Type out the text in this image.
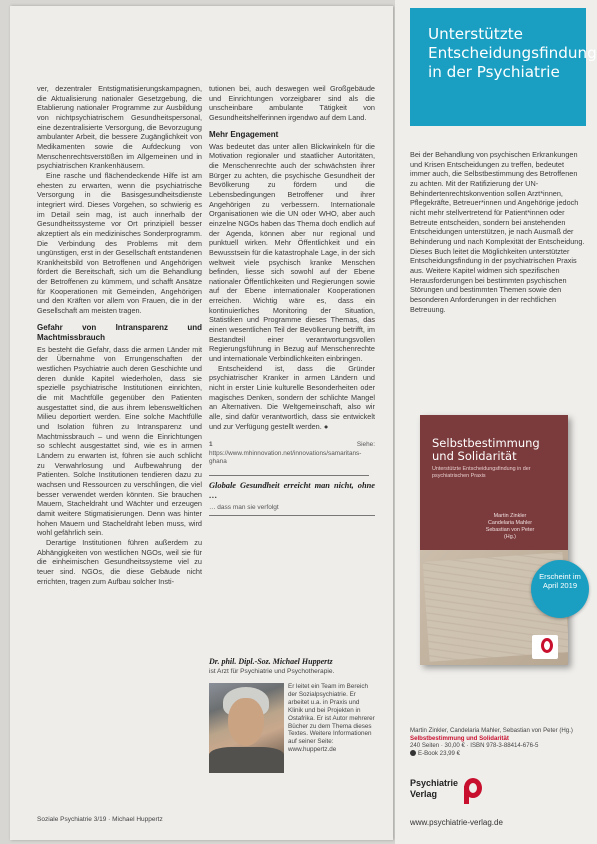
ver, dezentraler Entstigmatisierungskampagnen, die Aktualisierung nationaler Gesetzgebung, die Etablierung nationaler Programme zur Ausbildung von nichtpsychiatrischem Gesundheitspersonal, eine dezentralisierte Versorgung, die Bevorzugung ambulanter Arbeit, die bessere Zugänglichkeit von Medikamenten sowie die Aufdeckung von Menschenrechtsverstößen im Allgemeinen und in psychiatrischen Krankenhäusern.

Eine rasche und flächendeckende Hilfe ist am ehesten zu erwarten, wenn die psychiatrische Versorgung in die Basisgesundheitsdienste integriert wird. Dieses Vorgehen, so schwierig es im Detail sein mag, ist auch innerhalb der Gesundheitssysteme vor Ort prinzipiell besser akzeptiert als ein medizinisches Sonderprogramm. Die Verbindung des Problems mit dem ungünstigen, erst in der Gesellschaft entstandenen Krankheitsbild von Betroffenen und Angehörigen fördert die Bereitschaft, sich um die Behandlung der Betroffenen zu kümmern, und schafft Ansätze für Kooperationen mit Gemeinden, Angehörigen und den Kräften vor allem von Frauen, die in der Gesellschaft am meisten tragen.

Gefahr von Intransparenz und Machtmissbrauch

Es besteht die Gefahr, dass die armen Länder mit der Übernahme von Errungenschaften der westlichen Psychiatrie auch deren Geschichte und deren dunkle Kapitel wiederholen, dass sie spezielle psychiatrische Institutionen einrichten, die mit Machtfülle gegenüber den Patienten ausgestattet sind, die aus ihrem lebensweltlichen Milieu deportiert werden. Eine solche Machtfülle und Isolation führen zu Intransparenz und Machtmissbrauch – und wenn die Einrichtungen so schlecht ausgestattet sind, wie es in armen Ländern zu erwarten ist, führen sie auch schlicht zu Verwahrlosung und Aufbewahrung der Patienten. Solche Institutionen tendieren dazu zu wachsen und Ressourcen zu verschlingen, die viel besser verwendet werden könnten. Sie brauchen Mauern, Stacheldraht und Wächter und erzeugen damit weitere Stigmatisierungen. Denn was hinter hohen Mauern und Stacheldraht leben muss, wird wohl gefährlich sein.

Derartige Institutionen führen außerdem zu Abhängigkeiten von westlichen NGOs, weil sie für die einheimischen Gesundheitssysteme viel zu teuer sind. NGOs, die diese Gebäude nicht errichten, tragen zum Aufbau solcher Insti-

tutionen bei, auch deswegen weil Großgebäude und Einrichtungen vorzeigbarer sind als die unscheinbare ambulante Tätigkeit von Gesundheitshelferinnen irgendwo auf dem Land.

Mehr Engagement

Was bedeutet das unter allen Blickwinkeln für die Motivation regionaler und staatlicher Autoritäten, die Menschenrechte auch der schwächsten ihrer Bürger zu achten, die psychische Gesundheit der Bevölkerung zu fördern und die Lebensbedingungen Betroffener und ihrer Angehörigen zu verbessern. Internationale Organisationen wie die UN oder WHO, aber auch einzelne NGOs haben das Thema doch endlich auf der Agenda, können aber nur regional und punktuell wirken. Mehr Öffentlichkeit und ein Bewusstsein für die katastrophale Lage, in der sich weltweit viele psychisch kranke Menschen befinden, liesse sich sowohl auf der Ebene nationaler Öffentlichkeiten und Regierungen sowie auf der Ebene internationaler Kooperationen erreichen. Wichtig wäre es, dass ein kontinuierliches Monitoring der Situation, Statistiken und Programme dieses Themas, das einen wesentlichen Teil der Bevölkerung betrifft, im Bestandteil einer verantwortungsvollen Regierungsführung in Bezug auf Menschenrechte und internationale Verbindlichkeiten einbringen.

Entscheidend ist, dass die Gründer psychiatrischer Kranker in armen Ländern und nicht in erster Linie kulturelle Besonderheiten oder magisches Denken, sondern der schlichte Mangel an Alternativen. Die Weltgemeinschaft, also wir alle, sind dafür verantwortlich, dass sie entwickelt und zur Verfügung gestellt werden. ●

1	Siehe: https://www.mhinnovation.net/innovations/samaritans-ghana
Globale Gesundheit erreicht man nicht, ohne …
… dass man sie verfolgt
Dr. phil. Dipl.-Soz. Michael Huppertz
ist Arzt für Psychiatrie und Psychotherapie.
Er leitet ein Team im Bereich der Sozialpsychiatrie. Er arbeitet u.a. in Praxis und Klinik und bei Projekten in Ostafrika. Er ist Autor mehrerer Bücher zu dem Thema dieses Textes. Weitere Informationen auf seiner Seite: www.huppertz.de
Soziale Psychiatrie 3/19 · Michael Huppertz
Unterstützte Entscheidungsfindung in der Psychiatrie

Bei der Behandlung von psychischen Erkrankungen und Krisen Entscheidungen zu treffen, bedeutet immer auch, die Selbstbestimmung des Betroffenen zu achten. Mit der Ratifizierung der UN-Behindertenrechtskonvention sollen Arzt*innen, Pflegekräfte, Betreuer*innen und Angehörige jedoch nicht mehr stellvertretend für Patient*innen oder Betreute entscheiden, sondern bei anstehenden Entscheidungen unterstützen, je nach Ausmaß der Behinderung und nach Komplexität der Entscheidung.

Dieses Buch leitet die Möglichkeiten unterstützter Entscheidungsfindung in der psychiatrischen Praxis aus. Weitere Kapitel widmen sich spezifischen Herausforderungen bei bestimmten psychischen Störungen und bestimmten Themen sowie den besonderen Anforderungen in der rechtlichen Betreuung.

Selbstbestimmung und Solidarität
Unterstützte Entscheidungsfindung in der psychiatrischen Praxis
Martin Zinkler Candelaria Mahler Sebastian von Peter (Hg.)
Erscheint im April 2019
Martin Zinkler, Candelaria Mahler, Sebastian von Peter (Hg.)
Selbstbestimmung und Solidarität
240 Seiten · 30,00 € · ISBN 978-3-88414-676-5
E-Book 23,99 €
Psychiatrie Verlag
www.psychiatrie-verlag.de
